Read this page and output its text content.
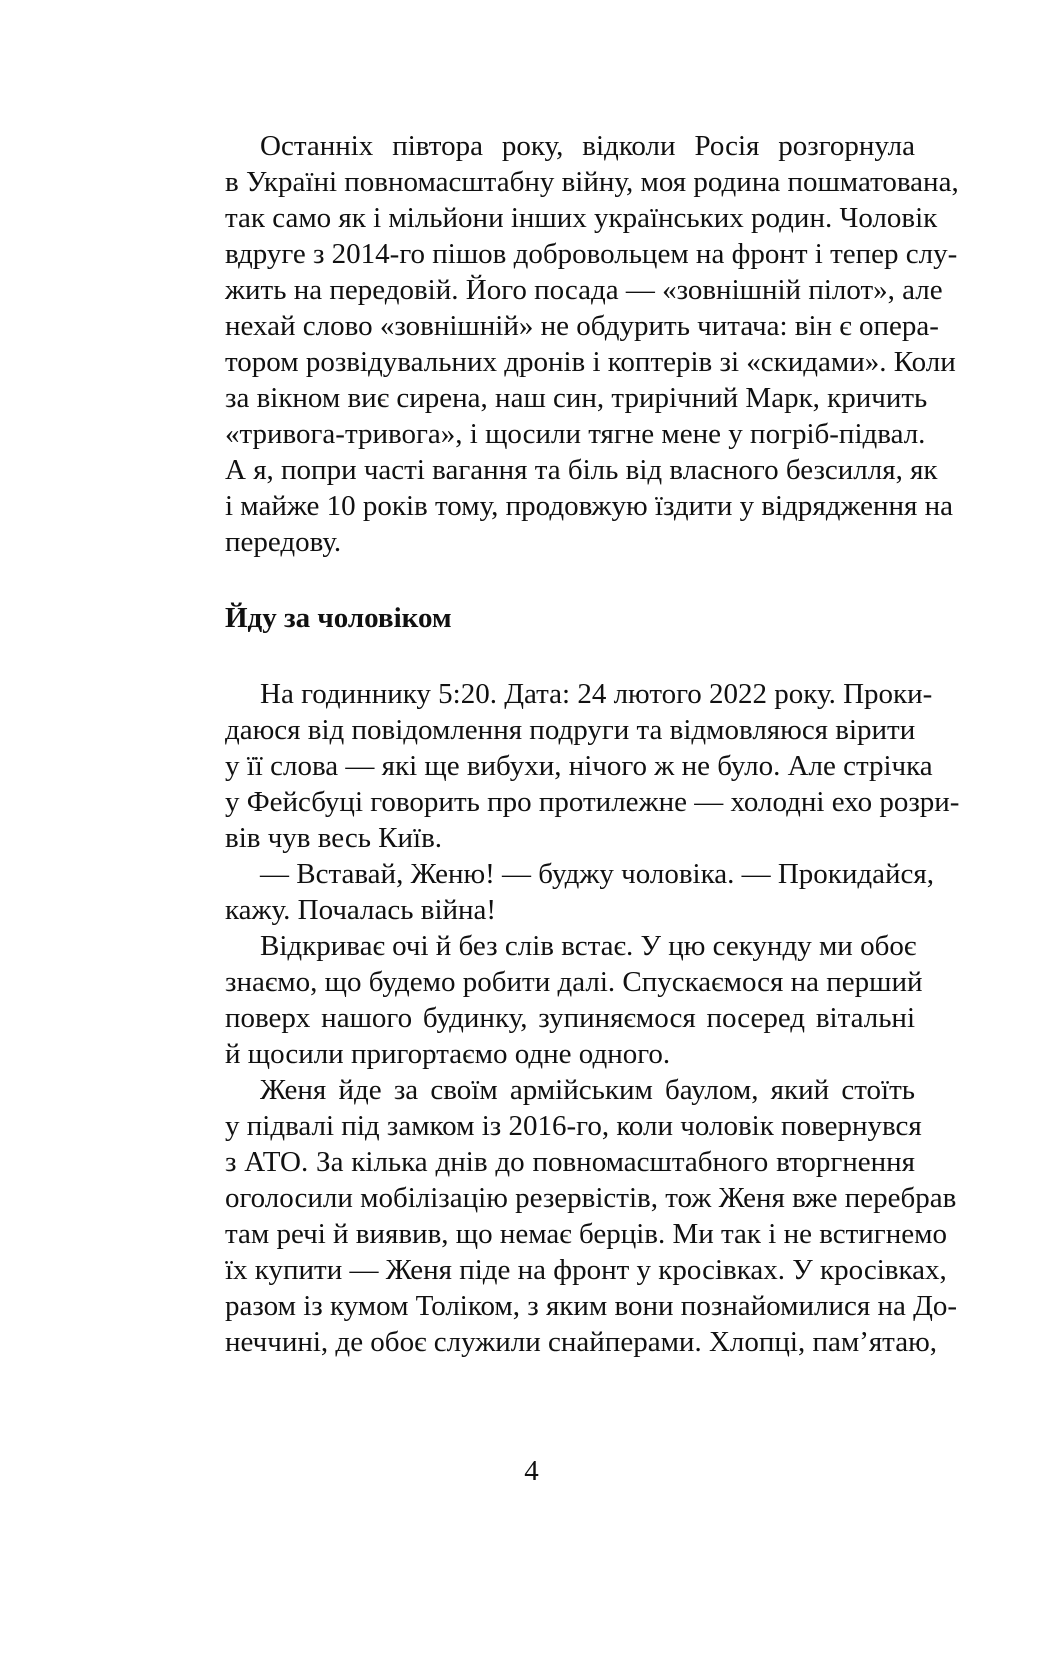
Останніх півтора року, відколи Росія розгорнула
в Україні повномасштабну війну, моя родина пошматована,
так само як і мільйони інших українських родин. Чоловік
вдруге з 2014-го пішов добровольцем на фронт і тепер слу-
жить на передовій. Його посада — «зовнішній пілот», але
нехай слово «зовнішній» не обдурить читача: він є опера-
тором розвідувальних дронів і коптерів зі «скидами». Коли
за вікном виє сирена, наш син, трирічний Марк, кричить
«тривога-тривога», і щосили тягне мене у погріб-підвал.
А я, попри часті вагання та біль від власного безсилля, як
і майже 10 років тому, продовжую їздити у відрядження на
передову.
Йду за чоловіком
На годиннику 5:20. Дата: 24 лютого 2022 року. Проки-
даюся від повідомлення подруги та відмовляюся вірити
у її слова — які ще вибухи, нічого ж не було. Але стрічка
у Фейсбуці говорить про протилежне — холодні ехо розри-
вів чув весь Київ.
— Вставай, Женю! — буджу чоловіка. — Прокидайся,
кажу. Почалась війна!
Відкриває очі й без слів встає. У цю секунду ми обоє
знаємо, що будемо робити далі. Спускаємося на перший
поверх нашого будинку, зупиняємося посеред вітальні
й щосили пригортаємо одне одного.
Женя йде за своїм армійським баулом, який стоїть
у підвалі під замком із 2016-го, коли чоловік повернувся
з АТО. За кілька днів до повномасштабного вторгнення
оголосили мобілізацію резервістів, тож Женя вже перебрав
там речі й виявив, що немає берців. Ми так і не встигнемо
їх купити — Женя піде на фронт у кросівках. У кросівках,
разом із кумом Толіком, з яким вони познайомилися на До-
неччині, де обоє служили снайперами. Хлопці, пам’ятаю,
4
